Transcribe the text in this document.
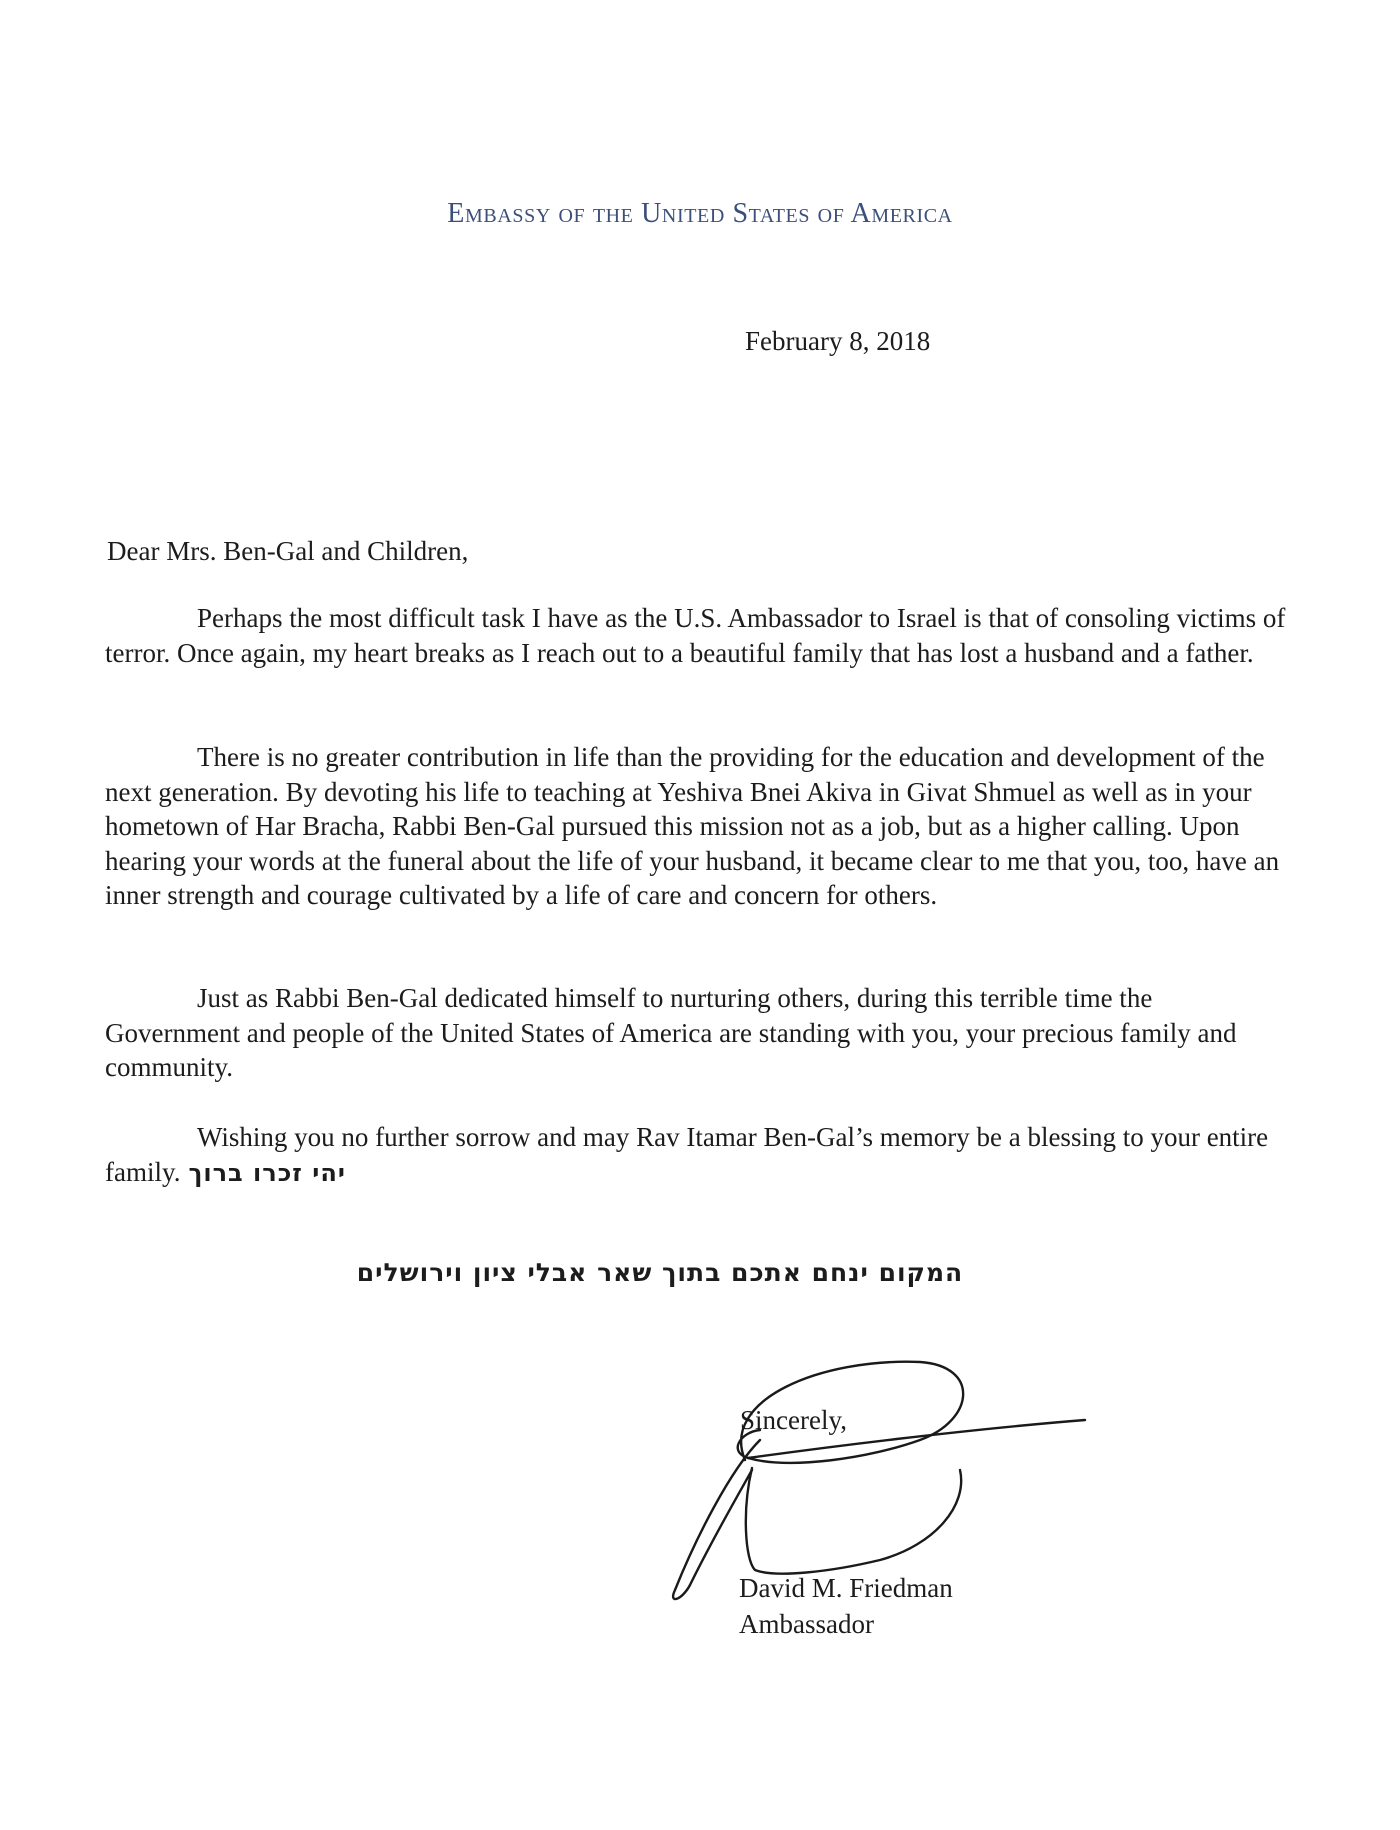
Embassy of the United States of America
February 8, 2018
Dear Mrs. Ben-Gal and Children,

Perhaps the most difficult task I have as the U.S. Ambassador to Israel is that of consoling victims of terror. Once again, my heart breaks as I reach out to a beautiful family that has lost a husband and a father.

There is no greater contribution in life than the providing for the education and development of the next generation. By devoting his life to teaching at Yeshiva Bnei Akiva in Givat Shmuel as well as in your hometown of Har Bracha, Rabbi Ben-Gal pursued this mission not as a job, but as a higher calling. Upon hearing your words at the funeral about the life of your husband, it became clear to me that you, too, have an inner strength and courage cultivated by a life of care and concern for others.

Just as Rabbi Ben-Gal dedicated himself to nurturing others, during this terrible time the Government and people of the United States of America are standing with you, your precious family and community.

Wishing you no further sorrow and may Rav Itamar Ben-Gal’s memory be a blessing to your entire family. יהי זכרו ברוך

המקום ינחם אתכם בתוך שאר אבלי ציון וירושלים
Sincerely,
David M. Friedman
Ambassador
